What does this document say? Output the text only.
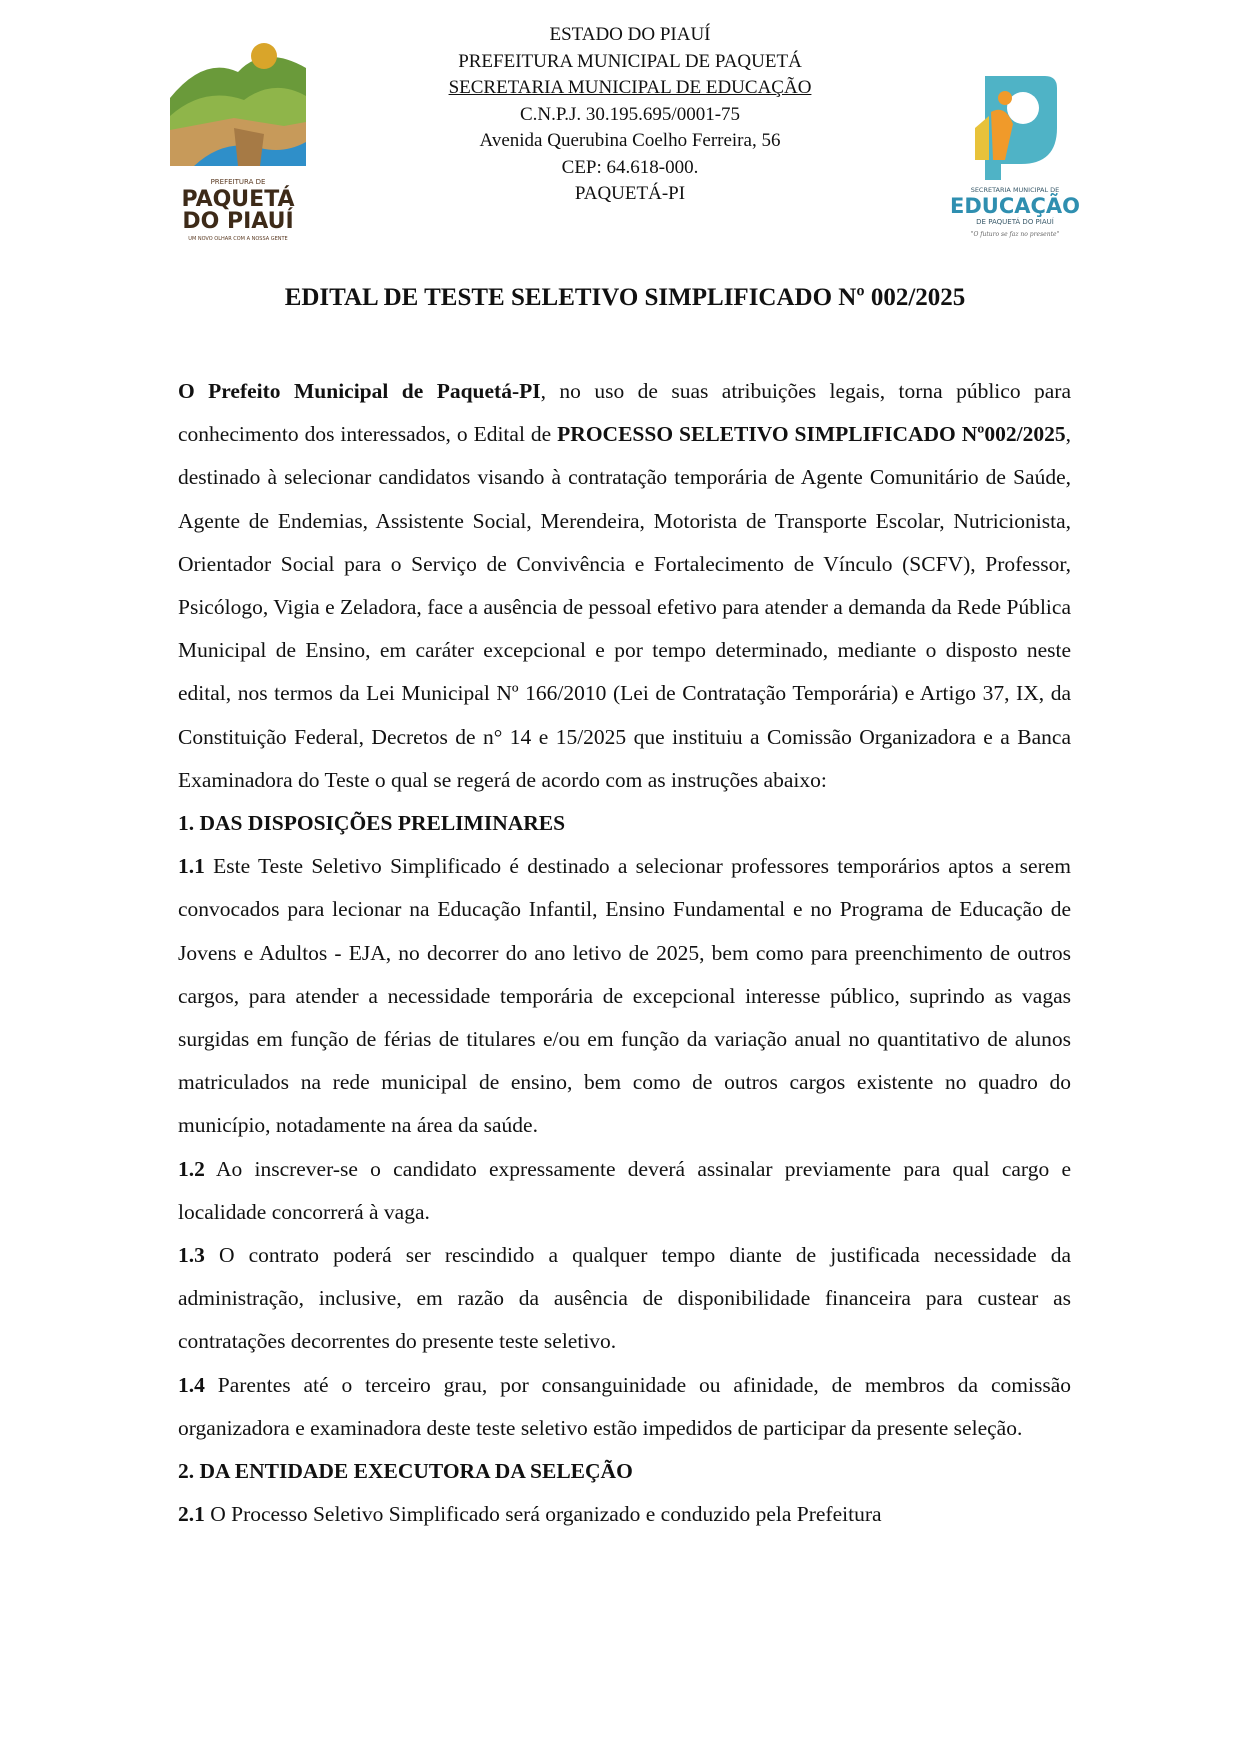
PREFEITURA DE
PAQUETÁ
DO PIAUÍ
UM NOVO OLHAR COM A NOSSA GENTE
ESTADO DO PIAUÍ
PREFEITURA MUNICIPAL DE PAQUETÁ
SECRETARIA MUNICIPAL DE EDUCAÇÃO
C.N.P.J. 30.195.695/0001-75
Avenida Querubina Coelho Ferreira, 56
CEP: 64.618-000.
PAQUETÁ-PI	SECRETARIA MUNICIPAL DE
EDUCAÇÃO
DE PAQUETÁ DO PIAUÍ
"O futuro se faz no presente"
EDITAL DE TESTE SELETIVO SIMPLIFICADO Nº 002/2025

O Prefeito Municipal de Paquetá-PI, no uso de suas atribuições legais, torna público para conhecimento dos interessados, o Edital de PROCESSO SELETIVO SIMPLIFICADO Nº002/2025, destinado à selecionar candidatos visando à contratação temporária de Agente Comunitário de Saúde, Agente de Endemias, Assistente Social, Merendeira, Motorista de Transporte Escolar, Nutricionista, Orientador Social para o Serviço de Convivência e Fortalecimento de Vínculo (SCFV), Professor, Psicólogo, Vigia e Zeladora, face a ausência de pessoal efetivo para atender a demanda da Rede Pública Municipal de Ensino, em caráter excepcional e por tempo determinado, mediante o disposto neste edital, nos termos da Lei Municipal Nº 166/2010 (Lei de Contratação Temporária) e Artigo 37, IX, da Constituição Federal, Decretos de n° 14 e 15/2025 que instituiu a Comissão Organizadora e a Banca Examinadora do Teste o qual se regerá de acordo com as instruções abaixo:

1. DAS DISPOSIÇÕES PRELIMINARES

1.1 Este Teste Seletivo Simplificado é destinado a selecionar professores temporários aptos a serem convocados para lecionar na Educação Infantil, Ensino Fundamental e no Programa de Educação de Jovens e Adultos - EJA, no decorrer do ano letivo de 2025, bem como para preenchimento de outros cargos, para atender a necessidade temporária de excepcional interesse público, suprindo as vagas surgidas em função de férias de titulares e/ou em função da variação anual no quantitativo de alunos matriculados na rede municipal de ensino, bem como de outros cargos existente no quadro do município, notadamente na área da saúde.

1.2 Ao inscrever-se o candidato expressamente deverá assinalar previamente para qual cargo e localidade concorrerá à vaga.

1.3 O contrato poderá ser rescindido a qualquer tempo diante de justificada necessidade da administração, inclusive, em razão da ausência de disponibilidade financeira para custear as contratações decorrentes do presente teste seletivo.

1.4 Parentes até o terceiro grau, por consanguinidade ou afinidade, de membros da comissão organizadora e examinadora deste teste seletivo estão impedidos de participar da presente seleção.

2. DA ENTIDADE EXECUTORA DA SELEÇÃO

2.1 O Processo Seletivo Simplificado será organizado e conduzido pela Prefeitura
